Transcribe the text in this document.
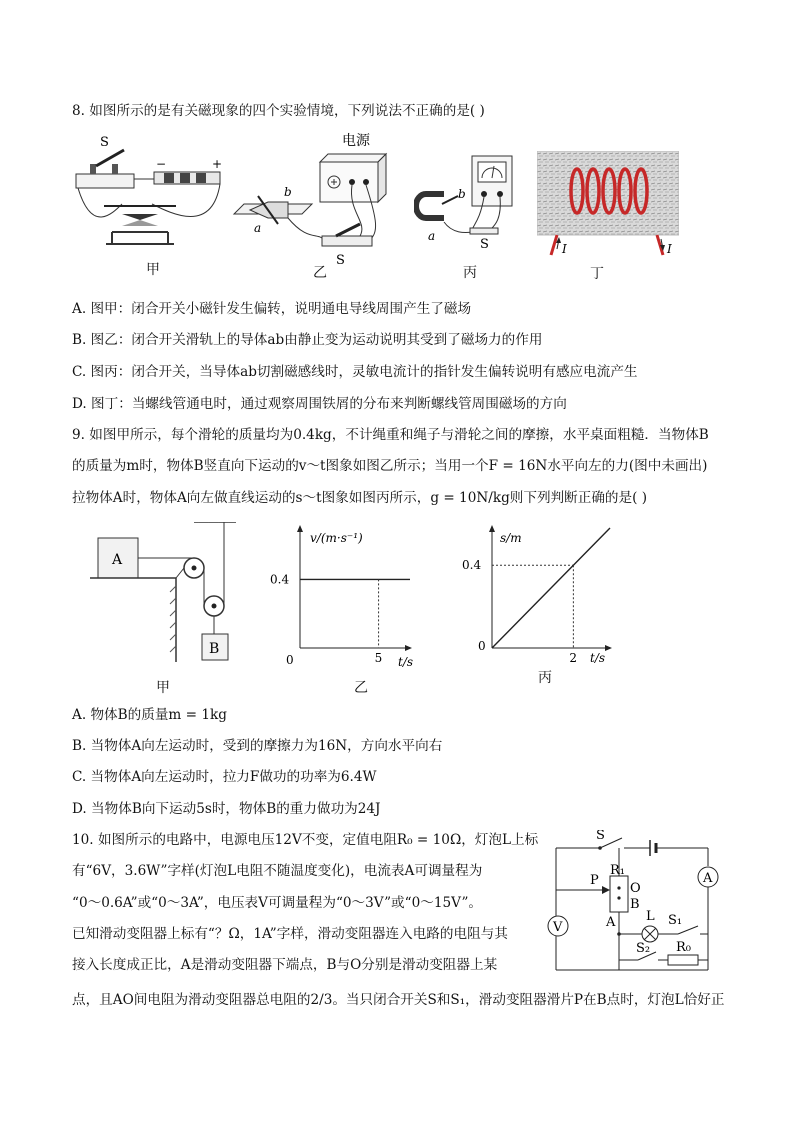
8. 如图所示的是有关磁现象的四个实验情境，下列说法不正确的是( )
S
−	+
甲
电源
b
a
S
乙
b
a
S
丙
I	I
丁
A. 图甲：闭合开关小磁针发生偏转，说明通电导线周围产生了磁场
B. 图乙：闭合开关滑轨上的导体ab由静止变为运动说明其受到了磁场力的作用
C. 图丙：闭合开关，当导体ab切割磁感线时，灵敏电流计的指针发生偏转说明有感应电流产生
D. 图丁：当螺线管通电时，通过观察周围铁屑的分布来判断螺线管周围磁场的方向
9. 如图甲所示，每个滑轮的质量均为0.4kg，不计绳重和绳子与滑轮之间的摩擦，水平桌面粗糙．当物体B
的质量为m时，物体B竖直向下运动的v～t图象如图乙所示；当用一个F = 16N水平向左的力(图中未画出)
拉物体A时，物体A向左做直线运动的s～t图象如图丙所示，g = 10N/kg则下列判断正确的是( )
A
B
甲
v/(m·s⁻¹)
t/s
0	5
0.4
乙
s/m
t/s
0
2
0.4
丙
A. 物体B的质量m = 1kg
B. 当物体A向左运动时，受到的摩擦力为16N，方向水平向右
C. 当物体A向左运动时，拉力F做功的功率为6.4W
D. 当物体B向下运动5s时，物体B的重力做功为24J
10. 如图所示的电路中，电源电压12V不变，定值电阻R₀ = 10Ω，灯泡L上标
有“6V，3.6W”字样(灯泡L电阻不随温度变化)，电流表A可调量程为
“0～0.6A”或“0～3A”，电压表V可调量程为“0～3V”或“0～15V”。
已知滑动变阻器上标有“？Ω，1A”字样，滑动变阻器连入电路的电阻与其
接入长度成正比，A是滑动变阻器下端点，B与O分别是滑动变阻器上某
点，且AO间电阻为滑动变阻器总电阻的2/3。当只闭合开关S和S₁，滑动变阻器滑片P在B点时，灯泡L恰好正
S
A
V
P
R₁
O
B
A L S₁
S₂ R₀
